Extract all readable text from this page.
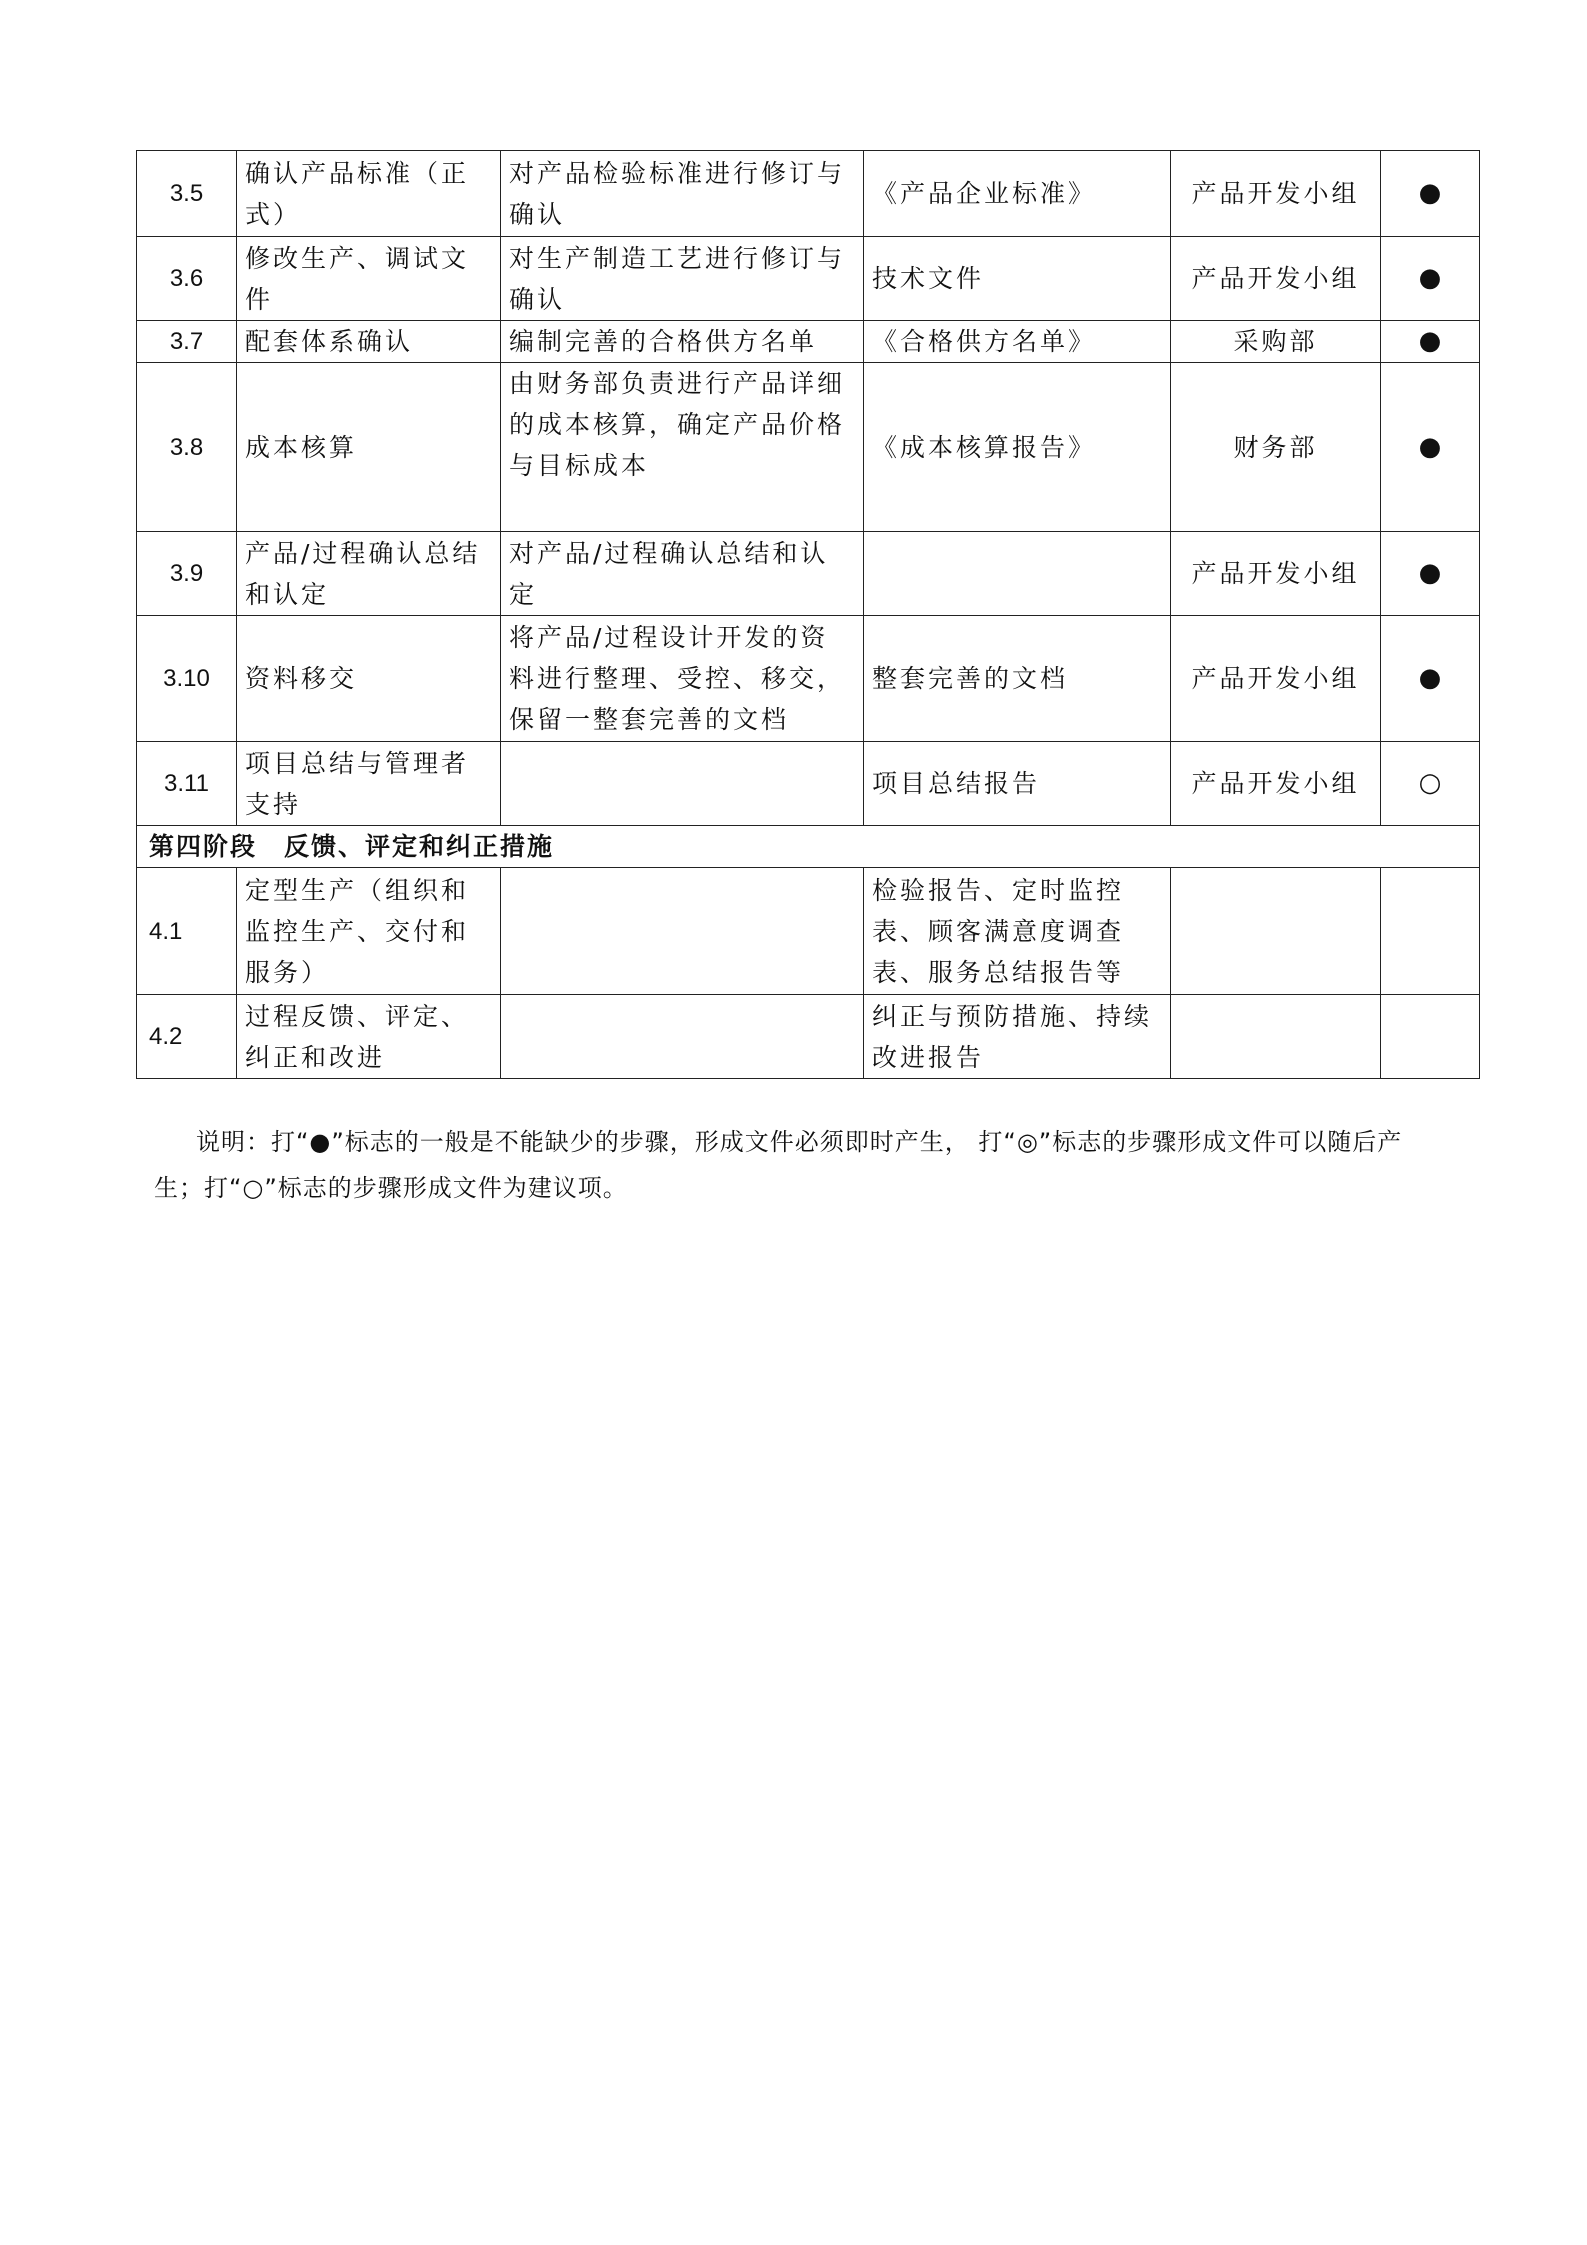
3.5	确认产品标准（正式）	对产品检验标准进行修订与确认	《产品企业标准》	产品开发小组	●
3.6	修改生产、调试文件	对生产制造工艺进行修订与确认	技术文件	产品开发小组	●
3.7	配套体系确认	编制完善的合格供方名单	《合格供方名单》	采购部	●
3.8	成本核算	由财务部负责进行产品详细的成本核算，确定产品价格与目标成本	《成本核算报告》	财务部	●
3.9	产品/过程确认总结和认定	对产品/过程确认总结和认定		产品开发小组	●
3.10	资料移交	将产品/过程设计开发的资料进行整理、受控、移交，保留一整套完善的文档	整套完善的文档	产品开发小组	●
3.11	项目总结与管理者支持		项目总结报告	产品开发小组	○
第四阶段　反馈、评定和纠正措施					
4.1	定型生产（组织和监控生产、交付和服务）		检验报告、定时监控表、顾客满意度调查表、服务总结报告等		
4.2	过程反馈、评定、纠正和改进		纠正与预防措施、持续改进报告		
说明：打“●”标志的一般是不能缺少的步骤，形成文件必须即时产生， 打“◎”标志的步骤形成文件可以随后产生；打“○”标志的步骤形成文件为建议项。
